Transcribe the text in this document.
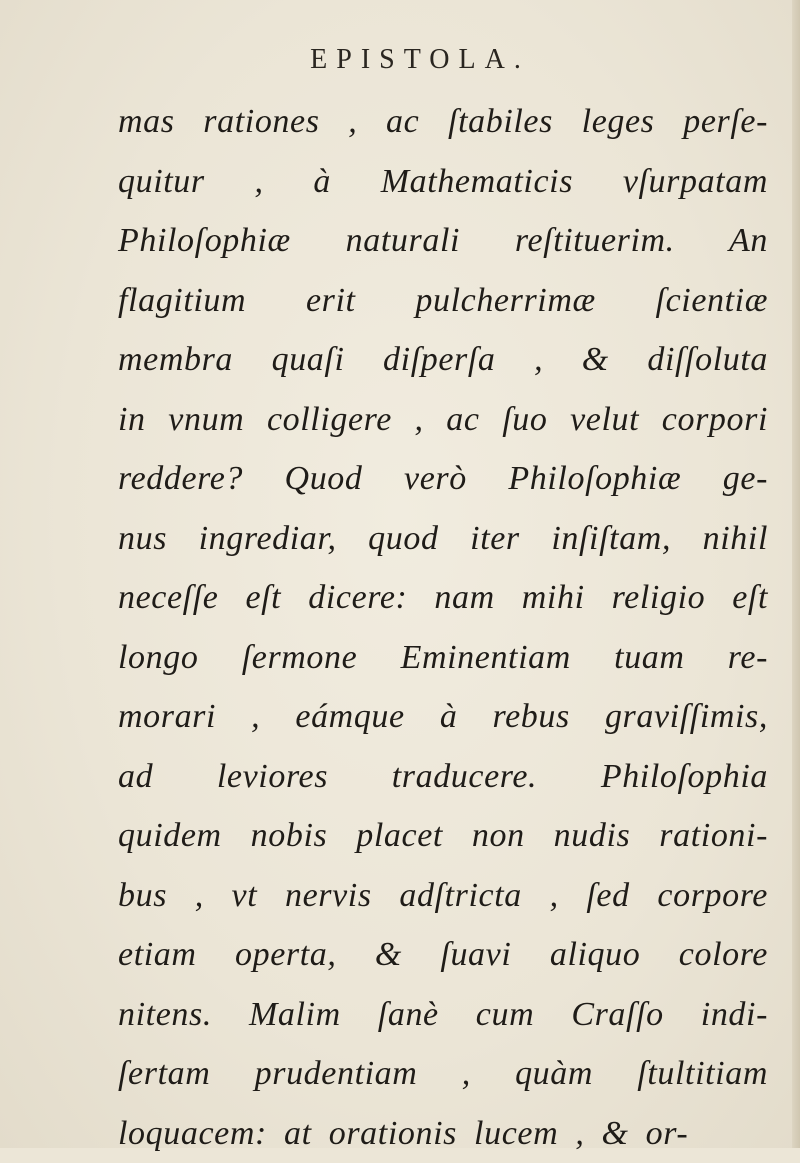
EPISTOLA.
mas rationes , ac ſtabiles leges perſe-
quitur , à Mathematicis vſurpatam
Philoſophiæ naturali reſtituerim. An
flagitium erit pulcherrimæ ſcientiæ
membra quaſi diſperſa , & diſſoluta
in vnum colligere , ac ſuo velut corpori
reddere? Quod verò Philoſophiæ ge-
nus ingrediar, quod iter inſiſtam, nihil
neceſſe eſt dicere: nam mihi religio eſt
longo ſermone Eminentiam tuam re-
morari , eámque à rebus graviſſimis,
ad leviores traducere. Philoſophia
quidem nobis placet non nudis rationi-
bus , vt nervis adſtricta , ſed corpore
etiam operta, & ſuavi aliquo colore
nitens. Malim ſanè cum Craſſo indi-
ſertam prudentiam , quàm ſtultitiam
loquacem: at orationis lucem , & or-
